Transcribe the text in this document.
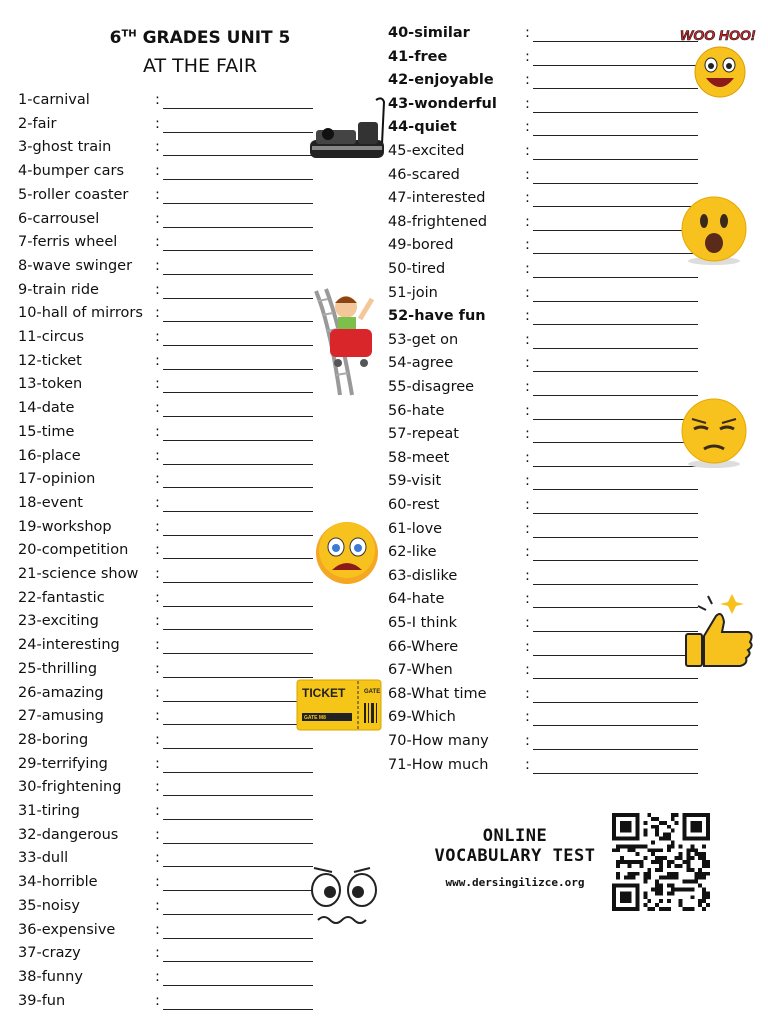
6TH GRADES UNIT 5
AT THE FAIR
1-carnival	:
2-fair	:
3-ghost train	:
4-bumper cars :
5-roller coaster :
6-carrousel	:
7-ferris wheel	:
8-wave swinger :
9-train ride	:
10-hall of mirrors :
11-circus	:
12-ticket	:
13-token	:
14-date	:
15-time	:
16-place	:
17-opinion	:
18-event	:
19-workshop	:
20-competition :
21-science show :
22-fantastic	:
23-exciting	:
24-interesting :
25-thrilling	:
26-amazing	:
27-amusing	:
28-boring	:
29-terrifying	:
30-frightening :
31-tiring	:
32-dangerous	:
33-dull	:
34-horrible	:
35-noisy	:
36-expensive	:
37-crazy	:
38-funny	:
39-fun	:
40-similar	:
41-free	:
42-enjoyable :
43-wonderful :
44-quiet	:
45-excited	:
46-scared	:
47-interested	:
48-frightened	:
49-bored	:
50-tired	:
51-join	:
52-have fun	:
53-get on	:
54-agree	:
55-disagree	:
56-hate	:
57-repeat	:
58-meet	:
59-visit	:
60-rest	:
61-love	:
62-like	:
63-dislike	:
64-hate	:
65-I think	:
66-Where	:
67-When	:
68-What time	:
69-Which	:
70-How many	:
71-How much	:
TICKET	GATE
GATE M8
WOO HOO!
ONLINE
VOCABULARY TEST
www.dersingilizce.org
